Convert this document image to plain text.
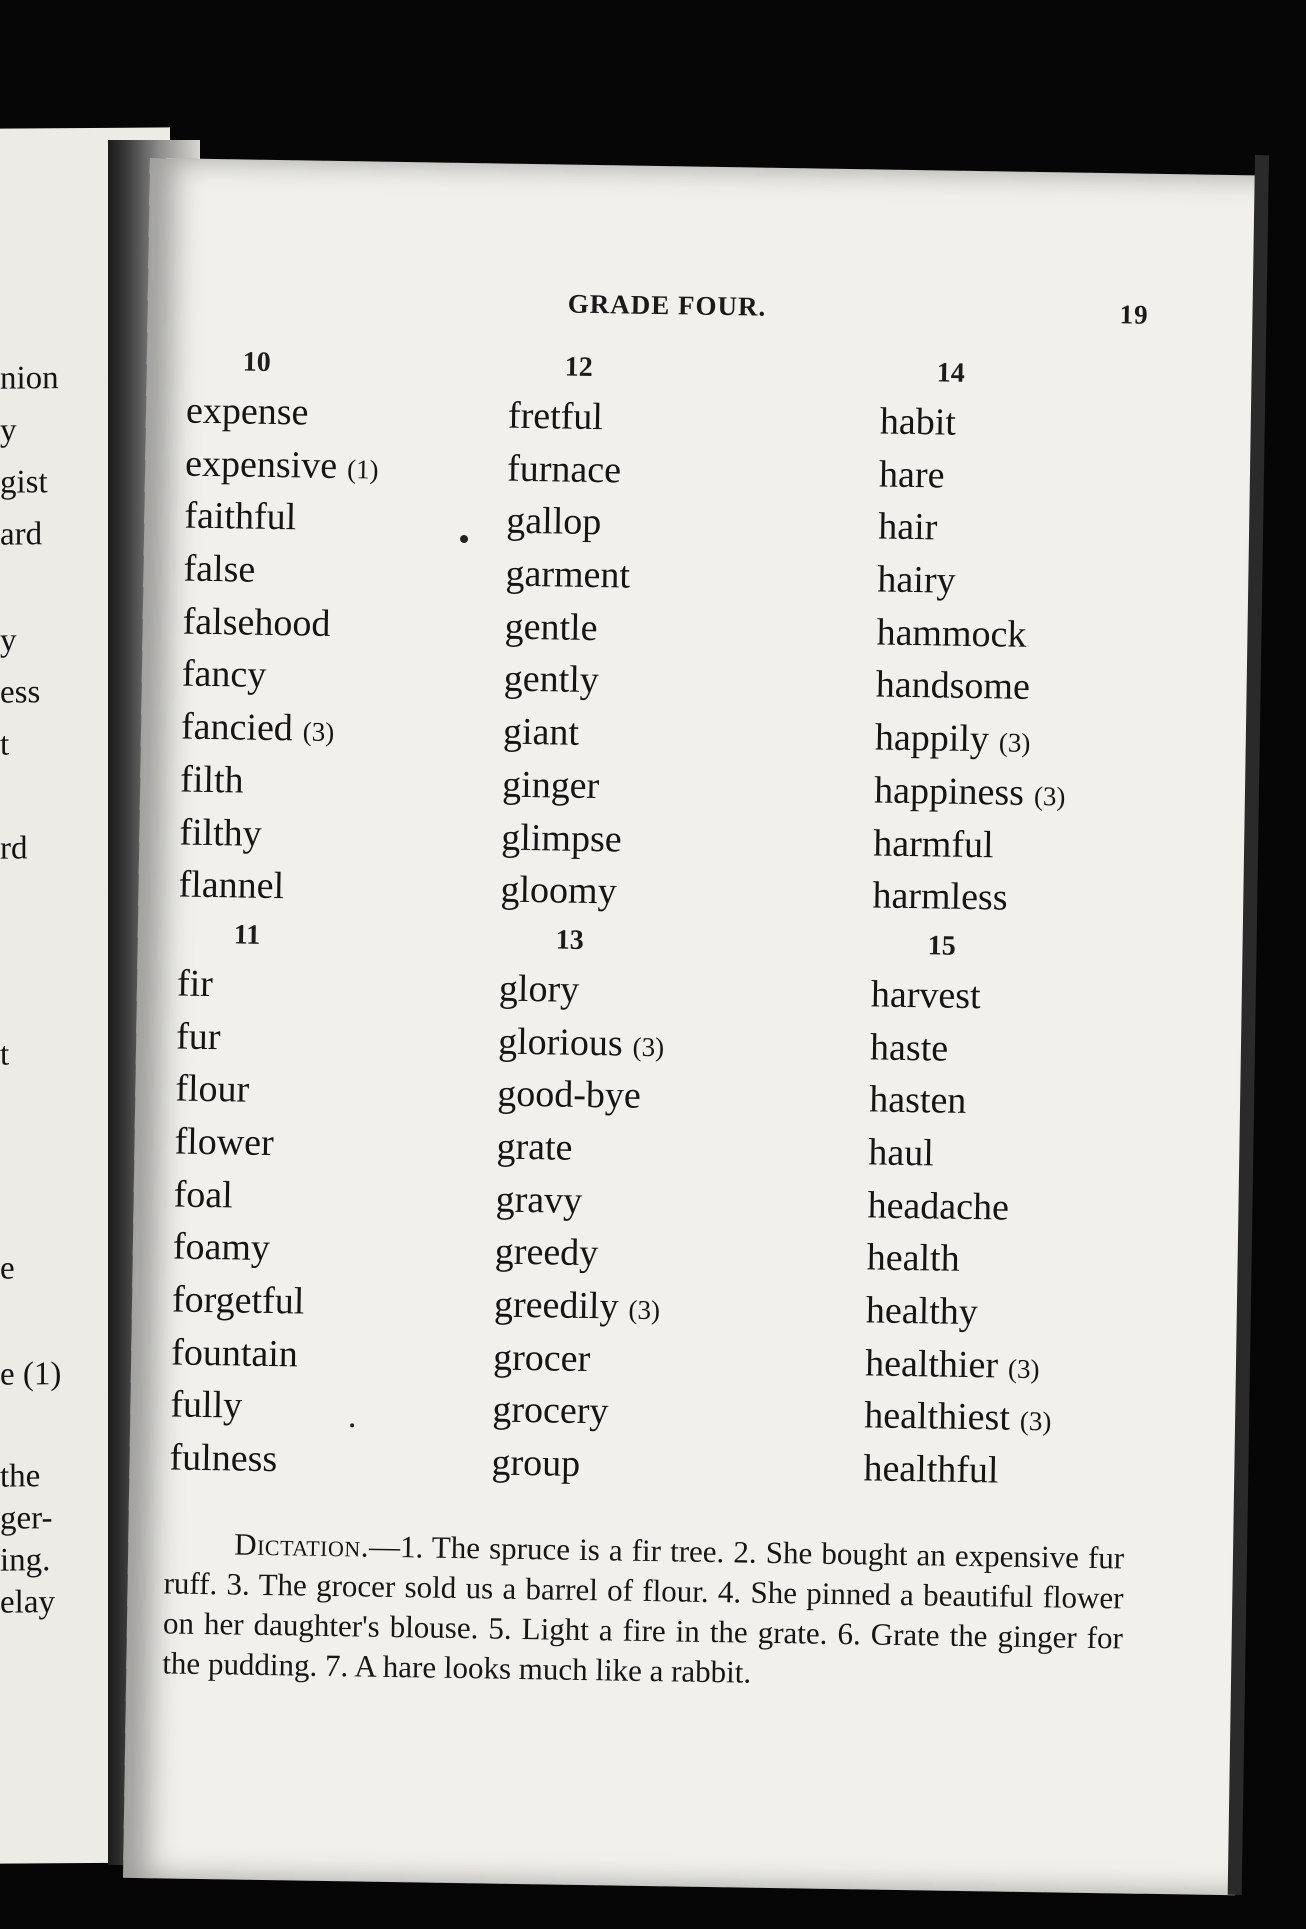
nion
y
gist
ard
y
ess
t
rd
t
e
e (1)
the
ger-
ing.
elay
GRADE FOUR.	19
10
expense
expensive (1)
faithful
false
falsehood
fancy
fancied (3)
filth
filthy
flannel
11
fir
fur
flour
flower
foal
foamy
forgetful
fountain
fully
fulness
12
fretful
furnace
gallop
garment
gentle
gently
giant
ginger
glimpse
gloomy
13
glory
glorious (3)
good-bye
grate
gravy
greedy
greedily (3)
grocer
grocery
group
14
habit
hare
hair
hairy
hammock
handsome
happily (3)
happiness (3)
harmful
harmless
15
harvest
haste
hasten
haul
headache
health
healthy
healthier (3)
healthiest (3)
healthful
Dictation.—1. The spruce is a fir tree. 2. She bought an expensive fur ruff. 3. The grocer sold us a barrel of flour. 4. She pinned a beautiful flower on her daughter's blouse. 5. Light a fire in the grate. 6. Grate the ginger for the pudding. 7. A hare looks much like a rabbit.
